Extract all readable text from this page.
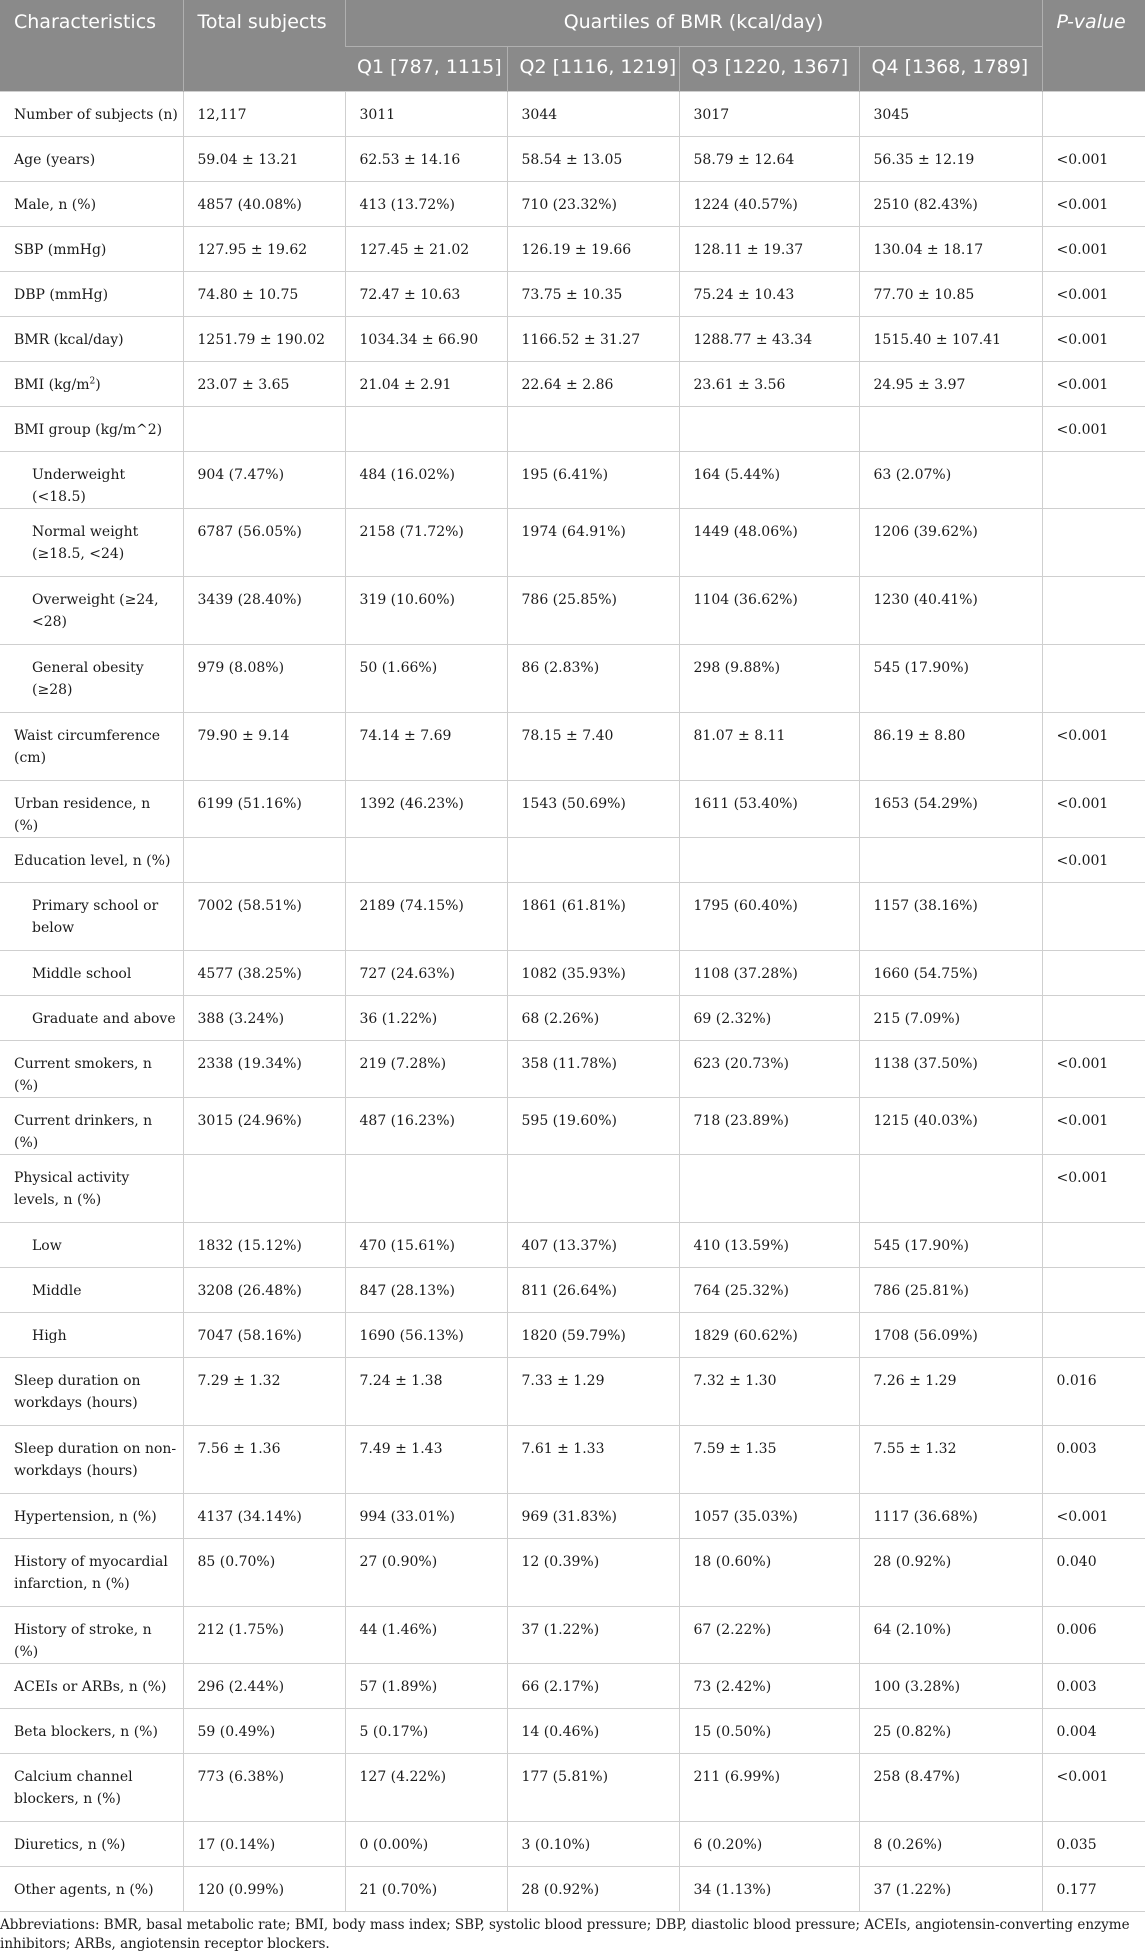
Characteristics	Total subjects	Quartiles of BMR (kcal/day)				P-value
		Q1 [787, 1115]	Q2 [1116, 1219]	Q3 [1220, 1367]	Q4 [1368, 1789]	
Number of subjects (n)	12,117	3011	3044	3017	3045	
Age (years)	59.04 ± 13.21	62.53 ± 14.16	58.54 ± 13.05	58.79 ± 12.64	56.35 ± 12.19	<0.001
Male, n (%)	4857 (40.08%)	413 (13.72%)	710 (23.32%)	1224 (40.57%)	2510 (82.43%)	<0.001
SBP (mmHg)	127.95 ± 19.62	127.45 ± 21.02	126.19 ± 19.66	128.11 ± 19.37	130.04 ± 18.17	<0.001
DBP (mmHg)	74.80 ± 10.75	72.47 ± 10.63	73.75 ± 10.35	75.24 ± 10.43	77.70 ± 10.85	<0.001
BMR (kcal/day)	1251.79 ± 190.02	1034.34 ± 66.90	1166.52 ± 31.27	1288.77 ± 43.34	1515.40 ± 107.41	<0.001
BMI $(kg/m^2)$	23.07 ± 3.65	21.04 ± 2.91	22.64 ± 2.86	23.61 ± 3.56	24.95 ± 3.97	<0.001
BMI group (kg/m^2)						<0.001
Underweight (<18.5)	904 (7.47%)	484 (16.02%)	195 (6.41%)	164 (5.44%)	63 (2.07%)	
Normal weight (≥18.5, <24)	6787 (56.05%)	2158 (71.72%)	1974 (64.91%)	1449 (48.06%)	1206 (39.62%)	
Overweight (≥24, <28)	3439 (28.40%)	319 (10.60%)	786 (25.85%)	1104 (36.62%)	1230 (40.41%)	
General obesity (≥28)	979 (8.08%)	50 (1.66%)	86 (2.83%)	298 (9.88%)	545 (17.90%)	
Waist circumference (cm)	79.90 ± 9.14	74.14 ± 7.69	78.15 ± 7.40	81.07 ± 8.11	86.19 ± 8.80	<0.001
Urban residence, n (%)	6199 (51.16%)	1392 (46.23%)	1543 (50.69%)	1611 (53.40%)	1653 (54.29%)	<0.001
Education level, n (%)						<0.001
Primary school or below	7002 (58.51%)	2189 (74.15%)	1861 (61.81%)	1795 (60.40%)	1157 (38.16%)	
Middle school	4577 (38.25%)	727 (24.63%)	1082 (35.93%)	1108 (37.28%)	1660 (54.75%)	
Graduate and above	388 (3.24%)	36 (1.22%)	68 (2.26%)	69 (2.32%)	215 (7.09%)	
Current smokers, n (%)	2338 (19.34%)	219 (7.28%)	358 (11.78%)	623 (20.73%)	1138 (37.50%)	<0.001
Current drinkers, n (%)	3015 (24.96%)	487 (16.23%)	595 (19.60%)	718 (23.89%)	1215 (40.03%)	<0.001
Physical activity levels, n (%)						<0.001
Low	1832 (15.12%)	470 (15.61%)	407 (13.37%)	410 (13.59%)	545 (17.90%)	
Middle	3208 (26.48%)	847 (28.13%)	811 (26.64%)	764 (25.32%)	786 (25.81%)	
High	7047 (58.16%)	1690 (56.13%)	1820 (59.79%)	1829 (60.62%)	1708 (56.09%)	
Sleep duration on workdays (hours)	7.29 ± 1.32	7.24 ± 1.38	7.33 ± 1.29	7.32 ± 1.30	7.26 ± 1.29	0.016
Sleep duration on non-workdays (hours)	7.56 ± 1.36	7.49 ± 1.43	7.61 ± 1.33	7.59 ± 1.35	7.55 ± 1.32	0.003
Hypertension, n (%)	4137 (34.14%)	994 (33.01%)	969 (31.83%)	1057 (35.03%)	1117 (36.68%)	<0.001
History of myocardial infarction, n (%)	85 (0.70%)	27 (0.90%)	12 (0.39%)	18 (0.60%)	28 (0.92%)	0.040
History of stroke, n (%)	212 (1.75%)	44 (1.46%)	37 (1.22%)	67 (2.22%)	64 (2.10%)	0.006
ACEIs or ARBs, n (%)	296 (2.44%)	57 (1.89%)	66 (2.17%)	73 (2.42%)	100 (3.28%)	0.003
Beta blockers, n (%)	59 (0.49%)	5 (0.17%)	14 (0.46%)	15 (0.50%)	25 (0.82%)	0.004
Calcium channel blockers, n (%)	773 (6.38%)	127 (4.22%)	177 (5.81%)	211 (6.99%)	258 (8.47%)	<0.001
Diuretics, n (%)	17 (0.14%)	0 (0.00%)	3 (0.10%)	6 (0.20%)	8 (0.26%)	0.035
Other agents, n (%)	120 (0.99%)	21 (0.70%)	28 (0.92%)	34 (1.13%)	37 (1.22%)	0.177

Abbreviations: BMR, basal metabolic rate; BMI, body mass index; SBP, systolic blood pressure; DBP, diastolic blood pressure; ACEIs, angiotensin-converting enzyme inhibitors; ARBs, angiotensin receptor blockers.
